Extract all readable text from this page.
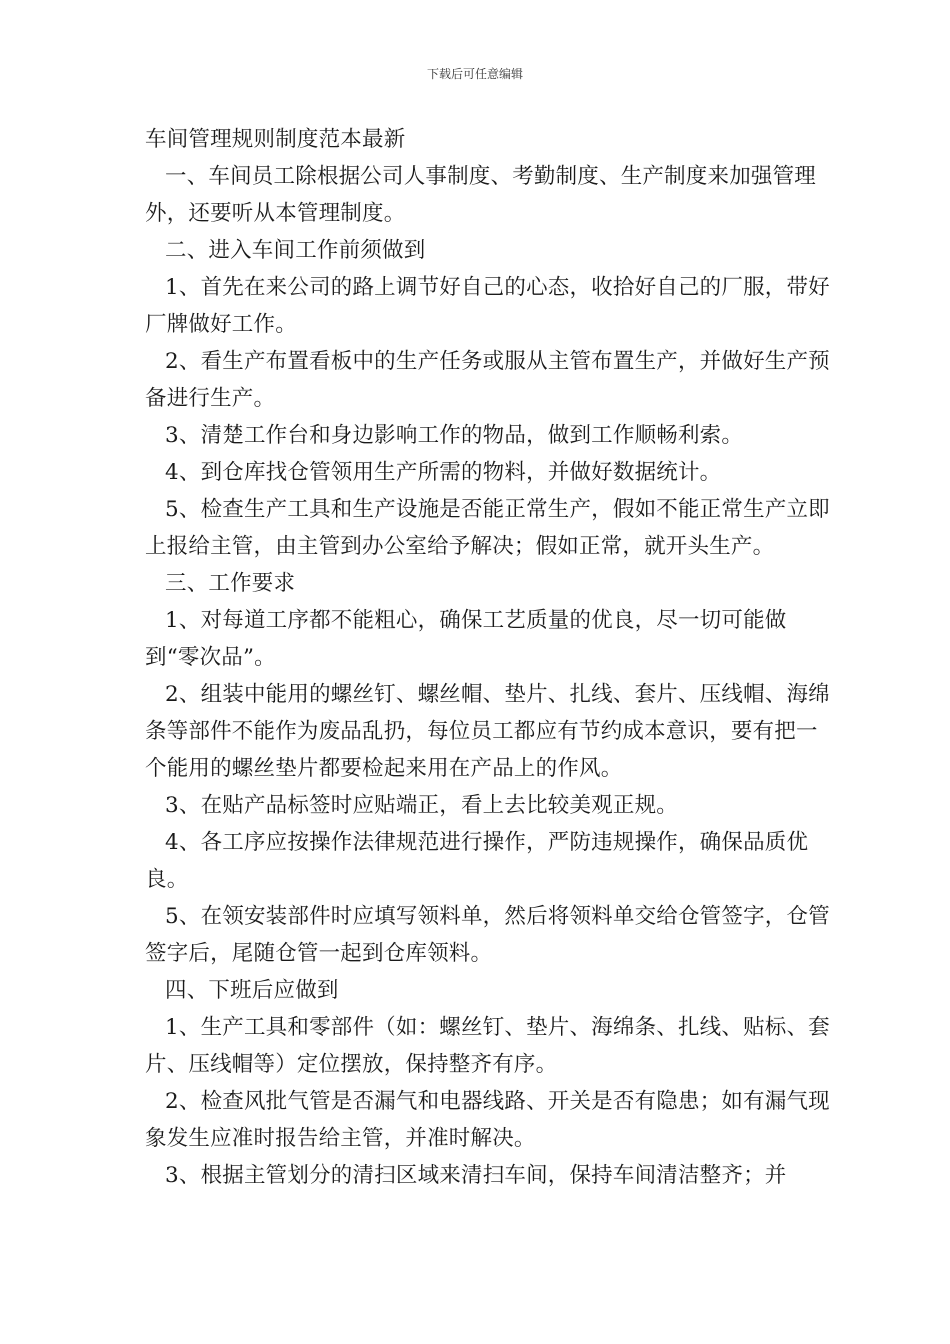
下载后可任意编辑

车间管理规则制度范本最新

一、车间员工除根据公司人事制度、考勤制度、生产制度来加强管理外，还要听从本管理制度。

二、进入车间工作前须做到

1、首先在来公司的路上调节好自己的心态，收拾好自己的厂服，带好厂牌做好工作。

2、看生产布置看板中的生产任务或服从主管布置生产，并做好生产预备进行生产。

3、清楚工作台和身边影响工作的物品，做到工作顺畅利索。

4、到仓库找仓管领用生产所需的物料，并做好数据统计。

5、检查生产工具和生产设施是否能正常生产，假如不能正常生产立即上报给主管，由主管到办公室给予解决；假如正常，就开头生产。

三、工作要求

1、对每道工序都不能粗心，确保工艺质量的优良，尽一切可能做到“零次品”。

2、组装中能用的螺丝钉、螺丝帽、垫片、扎线、套片、压线帽、海绵条等部件不能作为废品乱扔，每位员工都应有节约成本意识，要有把一个能用的螺丝垫片都要检起来用在产品上的作风。

3、在贴产品标签时应贴端正，看上去比较美观正规。

4、各工序应按操作法律规范进行操作，严防违规操作，确保品质优良。

5、在领安装部件时应填写领料单，然后将领料单交给仓管签字，仓管签字后，尾随仓管一起到仓库领料。

四、下班后应做到

1、生产工具和零部件（如：螺丝钉、垫片、海绵条、扎线、贴标、套片、压线帽等）定位摆放，保持整齐有序。

2、检查风批气管是否漏气和电器线路、开关是否有隐患；如有漏气现象发生应准时报告给主管，并准时解决。

3、根据主管划分的清扫区域来清扫车间，保持车间清洁整齐；并
